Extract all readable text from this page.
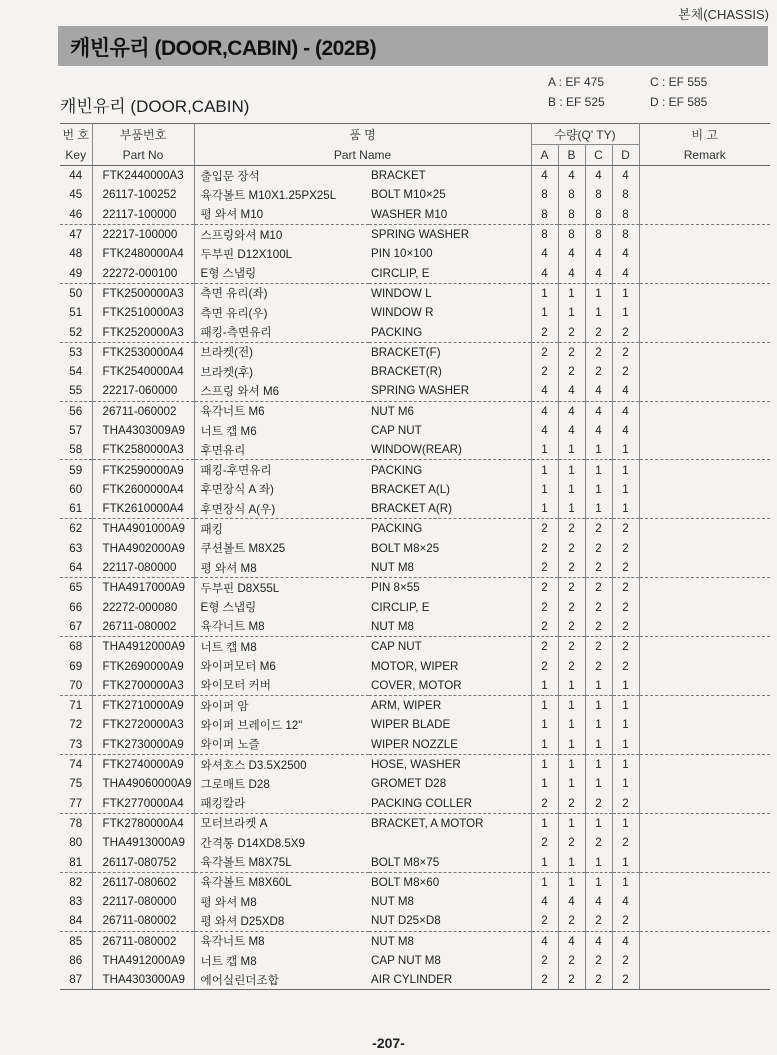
본체(CHASSIS)
캐빈유리 (DOOR,CABIN) - (202B)
캐빈유리 (DOOR,CABIN)
A : EF 475
B : EF 525
C : EF 555
D : EF 585
번 호	부품번호	품 명		수량(Q' TY)				비 고
Key	Part No	Part Name		A	B	C	D	Remark
44	FTK2440000A3	출입문 장석	BRACKET	4	4	4	4	
45	26117-100252	육각볼트 M10X1.25PX25L	BOLT M10×25	8	8	8	8	
46	22117-100000	평 와셔 M10	WASHER M10	8	8	8	8	
47	22217-100000	스프링와셔 M10	SPRING WASHER	8	8	8	8	
48	FTK2480000A4	두부핀 D12X100L	PIN 10×100	4	4	4	4	
49	22272-000100	E형 스냅링	CIRCLIP, E	4	4	4	4	
50	FTK2500000A3	측면 유리(좌)	WINDOW L	1	1	1	1	
51	FTK2510000A3	측면 유리(우)	WINDOW R	1	1	1	1	
52	FTK2520000A3	패킹-측면유리	PACKING	2	2	2	2	
53	FTK2530000A4	브라켓(전)	BRACKET(F)	2	2	2	2	
54	FTK2540000A4	브라켓(후)	BRACKET(R)	2	2	2	2	
55	22217-060000	스프링 와셔 M6	SPRING WASHER	4	4	4	4	
56	26711-060002	육각너트 M6	NUT M6	4	4	4	4	
57	THA4303009A9	너트 캡 M6	CAP NUT	4	4	4	4	
58	FTK2580000A3	후면유리	WINDOW(REAR)	1	1	1	1	
59	FTK2590000A9	패킹-후면유리	PACKING	1	1	1	1	
60	FTK2600000A4	후면장식 A 좌)	BRACKET A(L)	1	1	1	1	
61	FTK2610000A4	후면장식 A(우)	BRACKET A(R)	1	1	1	1	
62	THA4901000A9	패킹	PACKING	2	2	2	2	
63	THA4902000A9	쿠션볼트 M8X25	BOLT M8×25	2	2	2	2	
64	22117-080000	평 와셔 M8	NUT M8	2	2	2	2	
65	THA4917000A9	두부핀 D8X55L	PIN 8×55	2	2	2	2	
66	22272-000080	E형 스냅링	CIRCLIP, E	2	2	2	2	
67	26711-080002	육각너트 M8	NUT M8	2	2	2	2	
68	THA4912000A9	너트 캡 M8	CAP NUT	2	2	2	2	
69	FTK2690000A9	와이퍼모터 M6	MOTOR, WIPER	2	2	2	2	
70	FTK2700000A3	와이모터 커버	COVER, MOTOR	1	1	1	1	
71	FTK2710000A9	와이퍼 암	ARM, WIPER	1	1	1	1	
72	FTK2720000A3	와이퍼 브레이드 12"	WIPER BLADE	1	1	1	1	
73	FTK2730000A9	와이퍼 노즐	WIPER NOZZLE	1	1	1	1	
74	FTK2740000A9	와셔호스 D3.5X2500	HOSE, WASHER	1	1	1	1	
75	THA49060000A9	그로매트 D28	GROMET D28	1	1	1	1	
77	FTK2770000A4	패킹칼라	PACKING COLLER	2	2	2	2	
78	FTK2780000A4	모터브라켓 A	BRACKET, A MOTOR	1	1	1	1	
80	THA4913000A9	간격통 D14XD8.5X9		2	2	2	2	
81	26117-080752	육각볼트 M8X75L	BOLT M8×75	1	1	1	1	
82	26117-080602	육각볼트 M8X60L	BOLT M8×60	1	1	1	1	
83	22117-080000	평 와셔 M8	NUT M8	4	4	4	4	
84	26711-080002	평 와셔 D25XD8	NUT D25×D8	2	2	2	2	
85	26711-080002	육각너트 M8	NUT M8	4	4	4	4	
86	THA4912000A9	너트 캡 M8	CAP NUT M8	2	2	2	2	
87	THA4303000A9	에어실린더조합	AIR CYLINDER	2	2	2	2	
-207-
